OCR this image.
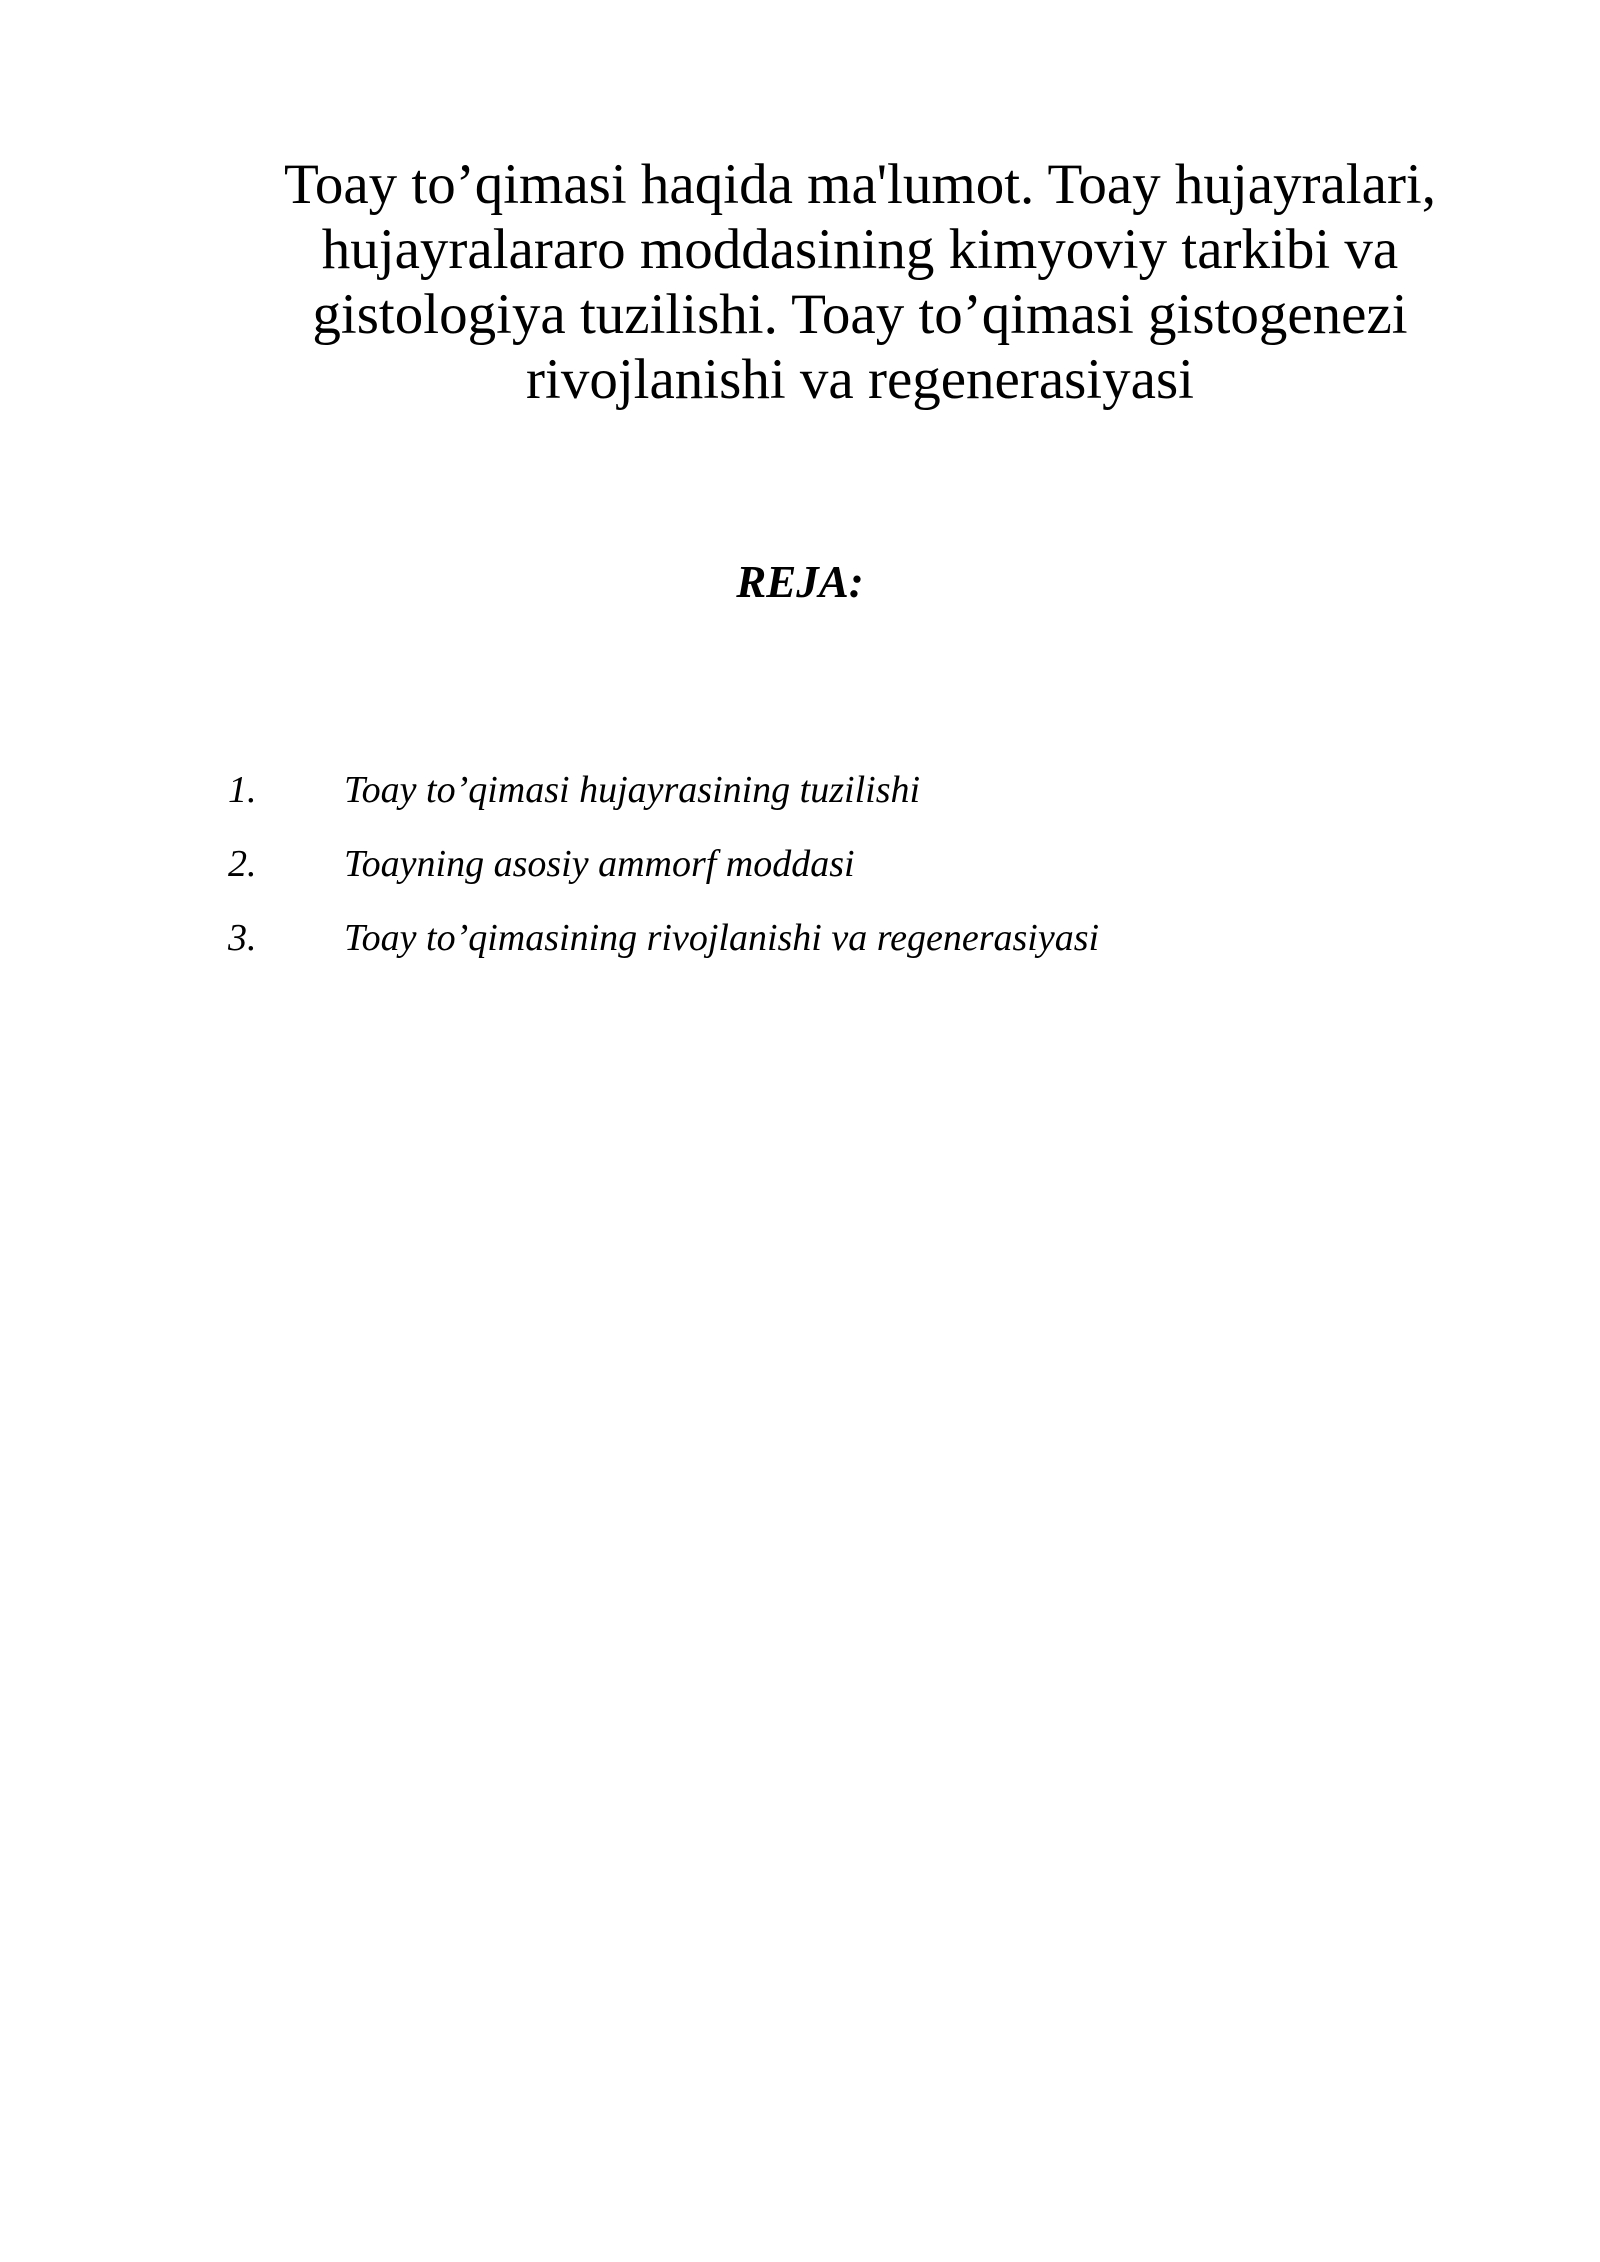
Toay to’qimasi haqida ma'lumot. Toay hujayralari,
hujayralararo moddasining kimyoviy tarkibi va
gistologiya tuzilishi. Toay to’qimasi gistogenezi
rivojlanishi va regenerasiyasi
REJA:
1.	Toay to’qimasi hujayrasining tuzilishi
2.	Toayning asosiy ammorf moddasi
3.	Toay to’qimasining rivojlanishi va regenerasiyasi
